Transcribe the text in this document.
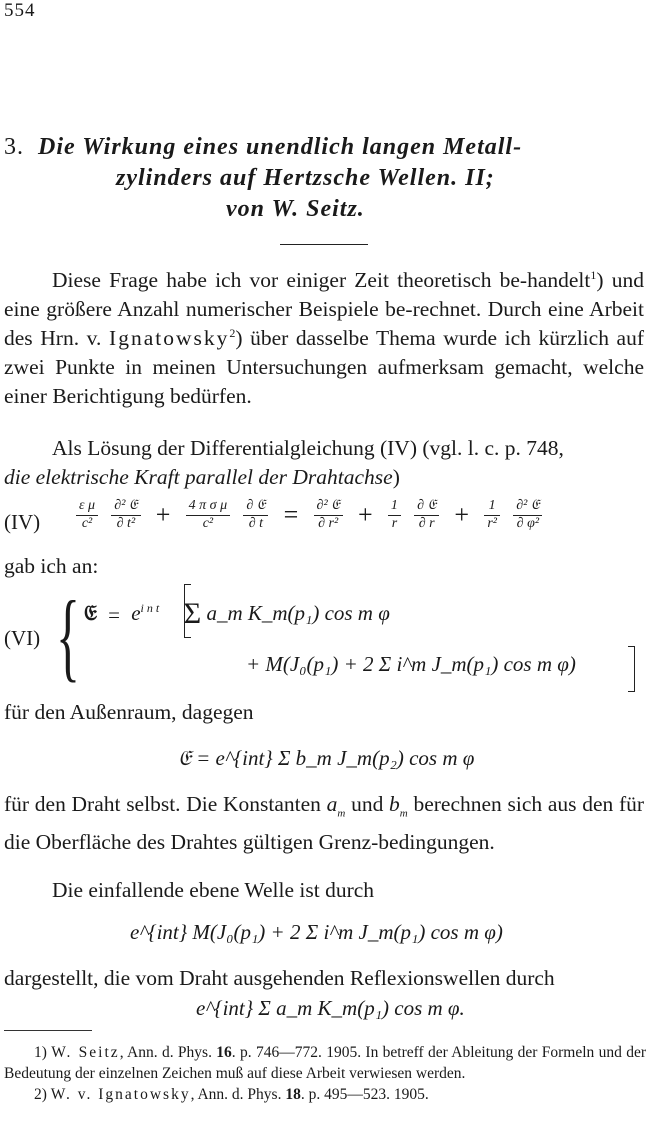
554
3. Die Wirkung eines unendlich langen Metall-
zylinders auf Hertzsche Wellen. II;
von W. Seitz.

Diese Frage habe ich vor einiger Zeit theoretisch be-handelt$^1$) und eine größere Anzahl numerischer Beispiele be-rechnet. Durch eine Arbeit des Hrn. v. Ignatowsky$^2$) über dasselbe Thema wurde ich kürzlich auf zwei Punkte in meinen Untersuchungen aufmerksam gemacht, welche einer Berichtigung bedürfen.

Als Lösung der Differentialgleichung (IV) (vgl. l. c. p. 748,

die elektrische Kraft parallel der Drahtachse)

(IV)	$\frac{\text{ε μ}}{\text{c²}}$
$\frac{\text{∂² 𝔈}}{\text{∂ t²}} + \frac{\text{4 π σ μ}}{\text{c²}}$
$\frac{\text{∂ 𝔈}}{\partial t} = \frac{\text{∂² 𝔈}}{\text{∂ r²}} + \frac{1}{r}$
$\frac{\text{∂ 𝔈}}{\partial r} + \frac{1}{\text{r²}}$
$\frac{\text{∂² 𝔈}}{\text{∂ φ²}}$

gab ich an:

(VI) { 𝔈 = $e^{i n t}$ Σ a_m K_m(p₁) cos m φ
+ M(J₀(p₁) + 2 Σ i^m J_m(p₁) cos m φ)

für den Außenraum, dagegen

𝔈 = e^{int} Σ b_m J_m(p₂) cos m φ

für den Draht selbst. Die Konstanten $a_m$ und $b_m$ berechnen sich aus den für die Oberfläche des Drahtes gültigen Grenz-bedingungen.

Die einfallende ebene Welle ist durch

e^{int} M(J₀(p₁) + 2 Σ i^m J_m(p₁) cos m φ)

dargestellt, die vom Draht ausgehenden Reflexionswellen durch

e^{int} Σ a_m K_m(p₁) cos m φ.

1) W. Seitz, Ann. d. Phys. 16. p. 746—772. 1905. In betreff der Ableitung der Formeln und der Bedeutung der einzelnen Zeichen muß auf diese Arbeit verwiesen werden.

2) W. v. Ignatowsky, Ann. d. Phys. 18. p. 495—523. 1905.
